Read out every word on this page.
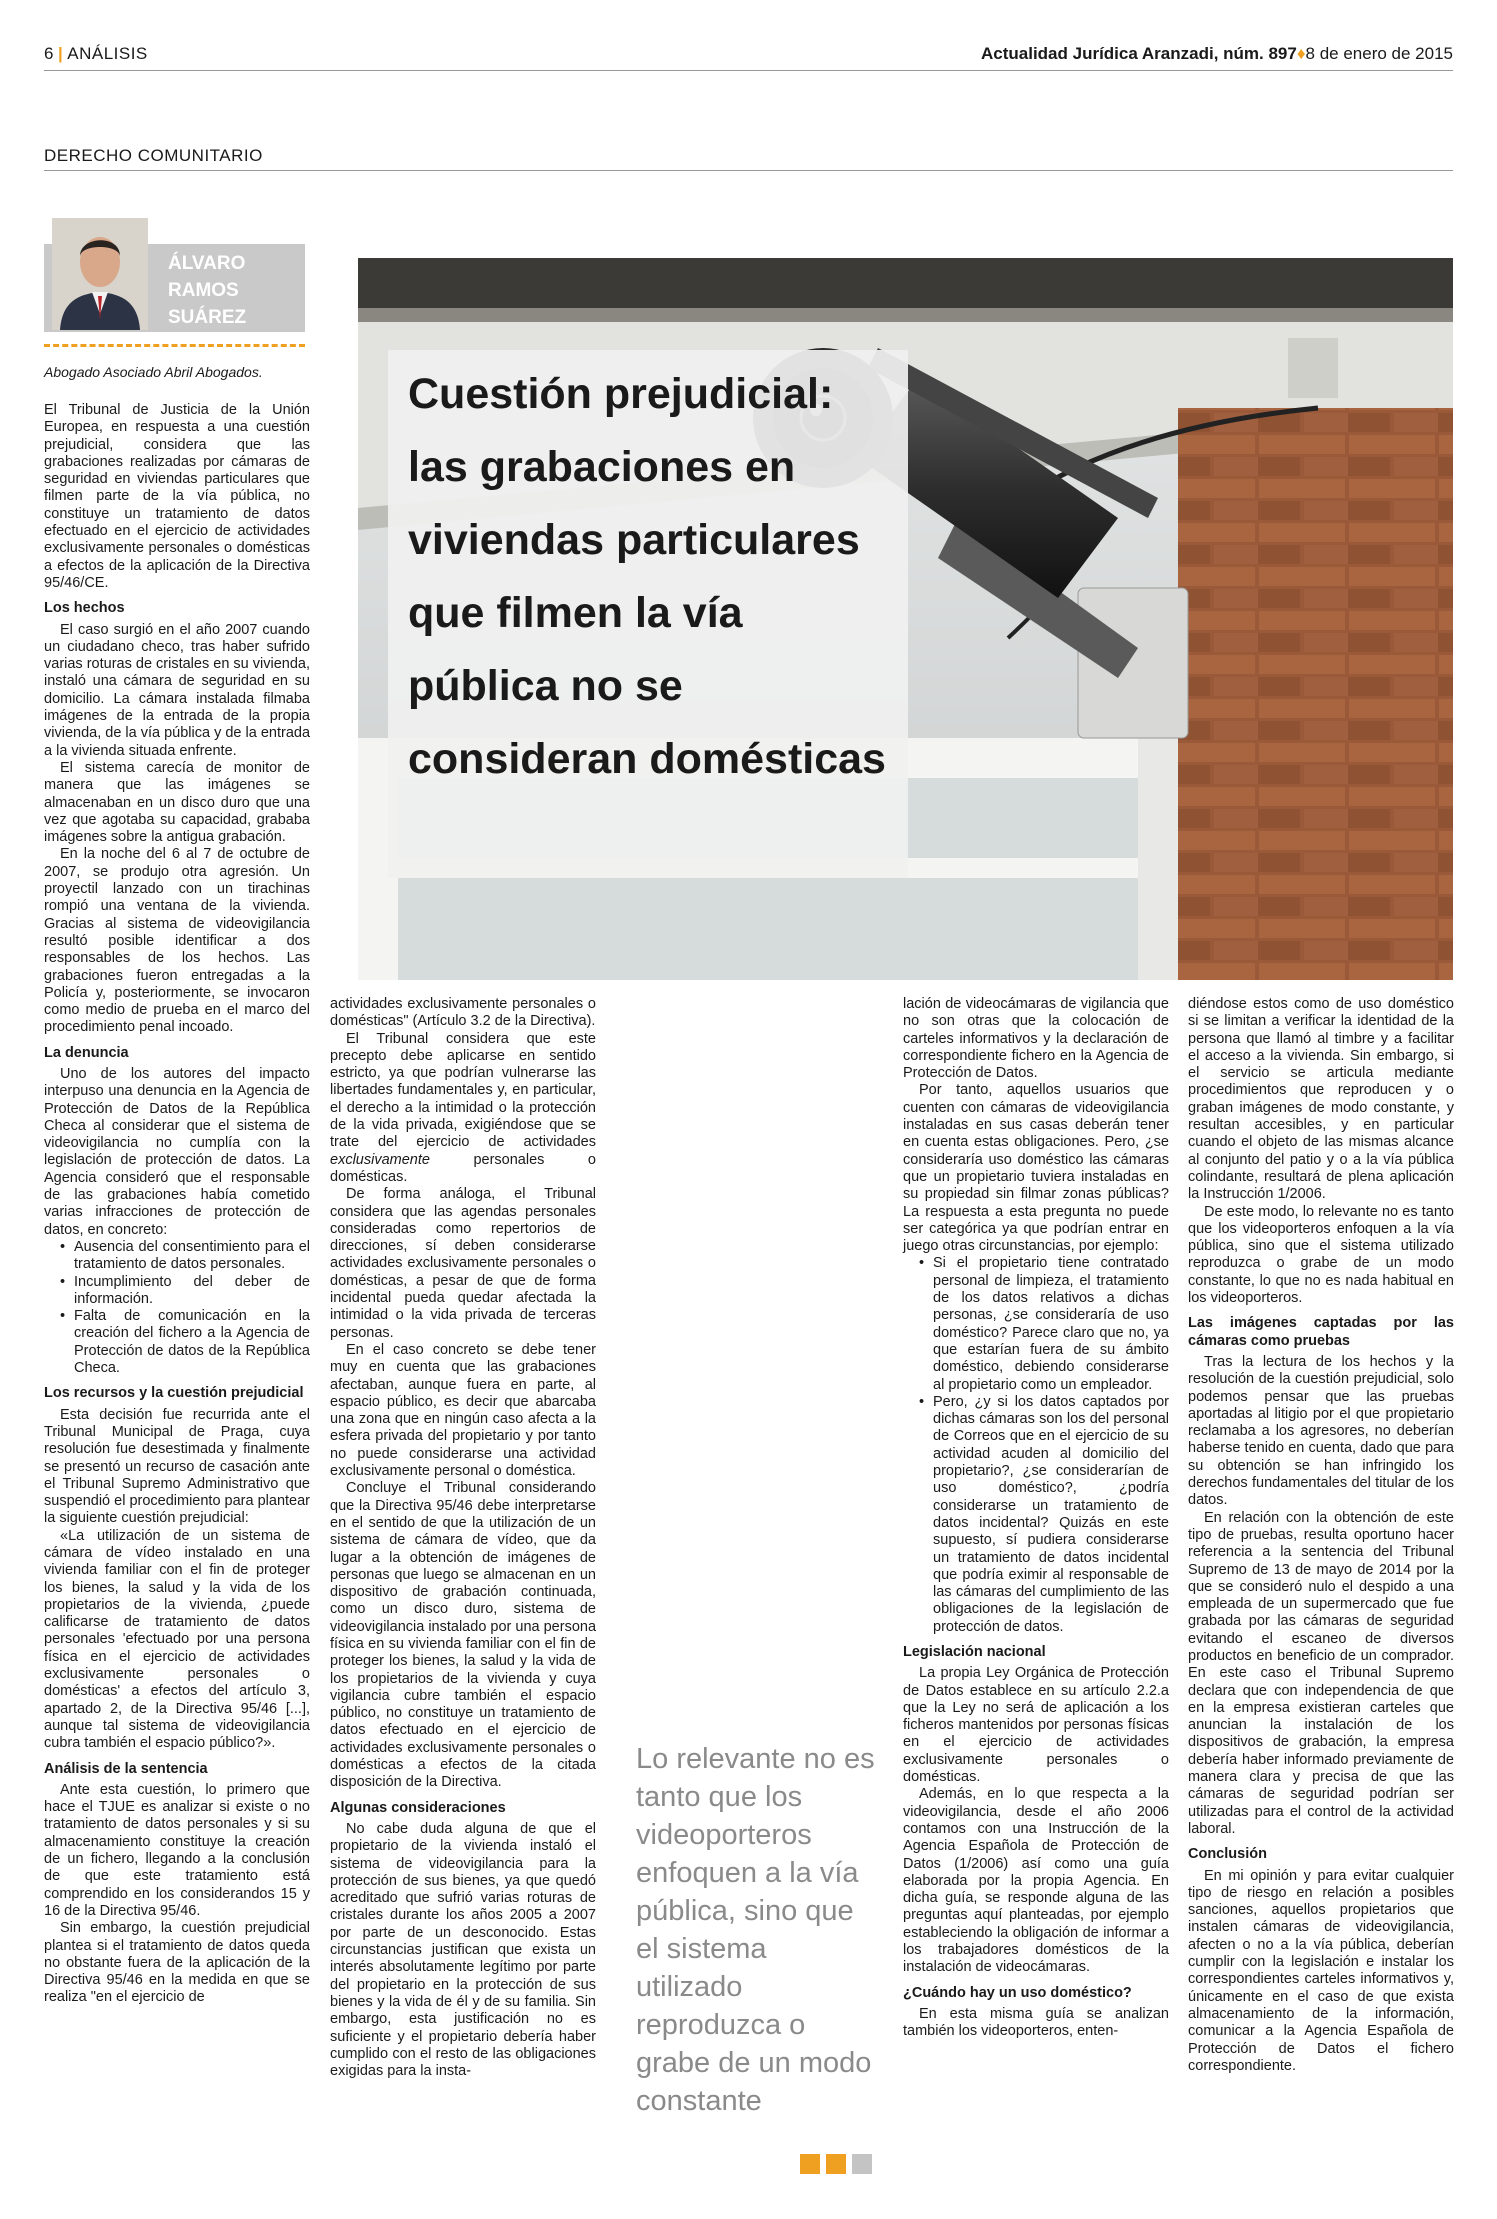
6 | ANÁLISIS	Actualidad Jurídica Aranzadi, núm. 897♦8 de enero de 2015
DERECHO COMUNITARIO
ÁLVARO
RAMOS
SUÁREZ
Abogado Asociado Abril Abogados.	Cuestión prejudicial: las grabaciones en viviendas particulares que filmen la vía pública no se consideran domésticas

El Tribunal de Justicia de la Unión Europea, en respuesta a una cuestión prejudicial, considera que las grabaciones realizadas por cámaras de seguridad en viviendas particulares que filmen parte de la vía pública, no constituye un tratamiento de datos efectuado en el ejercicio de actividades exclusivamente personales o domésticas a efectos de la aplicación de la Directiva 95/46/CE.

Los hechos

El caso surgió en el año 2007 cuando un ciudadano checo, tras haber sufrido varias roturas de cristales en su vivienda, instaló una cámara de seguridad en su domicilio. La cámara instalada filmaba imágenes de la entrada de la propia vivienda, de la vía pública y de la entrada a la vivienda situada enfrente.

El sistema carecía de monitor de manera que las imágenes se almacenaban en un disco duro que una vez que agotaba su capacidad, grababa imágenes sobre la antigua grabación.

En la noche del 6 al 7 de octubre de 2007, se produjo otra agresión. Un proyectil lanzado con un tirachinas rompió una ventana de la vivienda. Gracias al sistema de videovigilancia resultó posible identificar a dos responsables de los hechos. Las grabaciones fueron entregadas a la Policía y, posteriormente, se invocaron como medio de prueba en el marco del procedimiento penal incoado.

La denuncia

Uno de los autores del impacto interpuso una denuncia en la Agencia de Protección de Datos de la República Checa al considerar que el sistema de videovigilancia no cumplía con la legislación de protección de datos. La Agencia consideró que el responsable de las grabaciones había cometido varias infracciones de protección de datos, en concreto:

• Ausencia del consentimiento para el tratamiento de datos personales.
• Incumplimiento del deber de información.
• Falta de comunicación en la creación del fichero a la Agencia de Protección de datos de la República Checa.
Los recursos y la cuestión prejudicial

Esta decisión fue recurrida ante el Tribunal Municipal de Praga, cuya resolución fue desestimada y finalmente se presentó un recurso de casación ante el Tribunal Supremo Administrativo que suspendió el procedimiento para plantear la siguiente cuestión prejudicial:

«La utilización de un sistema de cámara de vídeo instalado en una vivienda familiar con el fin de proteger los bienes, la salud y la vida de los propietarios de la vivienda, ¿puede calificarse de tratamiento de datos personales 'efectuado por una persona física en el ejercicio de actividades exclusivamente personales o domésticas' a efectos del artículo 3, apartado 2, de la Directiva 95/46 [...], aunque tal sistema de videovigilancia cubra también el espacio público?».

Análisis de la sentencia

Ante esta cuestión, lo primero que hace el TJUE es analizar si existe o no tratamiento de datos personales y si su almacenamiento constituye la creación de un fichero, llegando a la conclusión de que este tratamiento está comprendido en los considerandos 15 y 16 de la Directiva 95/46.

Sin embargo, la cuestión prejudicial plantea si el tratamiento de datos queda no obstante fuera de la aplicación de la Directiva 95/46 en la medida en que se realiza "en el ejercicio de

actividades exclusivamente personales o domésticas" (Artículo 3.2 de la Directiva).

El Tribunal considera que este precepto debe aplicarse en sentido estricto, ya que podrían vulnerarse las libertades fundamentales y, en particular, el derecho a la intimidad o la protección de la vida privada, exigiéndose que se trate del ejercicio de actividades exclusivamente personales o domésticas.

De forma análoga, el Tribunal considera que las agendas personales consideradas como repertorios de direcciones, sí deben considerarse actividades exclusivamente personales o domésticas, a pesar de que de forma incidental pueda quedar afectada la intimidad o la vida privada de terceras personas.

En el caso concreto se debe tener muy en cuenta que las grabaciones afectaban, aunque fuera en parte, al espacio público, es decir que abarcaba una zona que en ningún caso afecta a la esfera privada del propietario y por tanto no puede considerarse una actividad exclusivamente personal o doméstica.

Concluye el Tribunal considerando que la Directiva 95/46 debe interpretarse en el sentido de que la utilización de un sistema de cámara de vídeo, que da lugar a la obtención de imágenes de personas que luego se almacenan en un dispositivo de grabación continuada, como un disco duro, sistema de videovigilancia instalado por una persona física en su vivienda familiar con el fin de proteger los bienes, la salud y la vida de los propietarios de la vivienda y cuya vigilancia cubre también el espacio público, no constituye un tratamiento de datos efectuado en el ejercicio de actividades exclusivamente personales o domésticas a efectos de la citada disposición de la Directiva.

Algunas consideraciones

No cabe duda alguna de que el propietario de la vivienda instaló el sistema de videovigilancia para la protección de sus bienes, ya que quedó acreditado que sufrió varias roturas de cristales durante los años 2005 a 2007 por parte de un desconocido. Estas circunstancias justifican que exista un interés absolutamente legítimo por parte del propietario en la protección de sus bienes y la vida de él y de su familia. Sin embargo, esta justificación no es suficiente y el propietario debería haber cumplido con el resto de las obligaciones exigidas para la insta-

Lo relevante no es tanto que los videoporteros enfoquen a la vía pública, sino que el sistema utilizado reproduzca o grabe de un modo constante

lación de videocámaras de vigilancia que no son otras que la colocación de carteles informativos y la declaración de correspondiente fichero en la Agencia de Protección de Datos.

Por tanto, aquellos usuarios que cuenten con cámaras de videovigilancia instaladas en sus casas deberán tener en cuenta estas obligaciones. Pero, ¿se consideraría uso doméstico las cámaras que un propietario tuviera instaladas en su propiedad sin filmar zonas públicas? La respuesta a esta pregunta no puede ser categórica ya que podrían entrar en juego otras circunstancias, por ejemplo:

• Si el propietario tiene contratado personal de limpieza, el tratamiento de los datos relativos a dichas personas, ¿se consideraría de uso doméstico? Parece claro que no, ya que estarían fuera de su ámbito doméstico, debiendo considerarse al propietario como un empleador.
• Pero, ¿y si los datos captados por dichas cámaras son los del personal de Correos que en el ejercicio de su actividad acuden al domicilio del propietario?, ¿se considerarían de uso doméstico?, ¿podría considerarse un tratamiento de datos incidental? Quizás en este supuesto, sí pudiera considerarse un tratamiento de datos incidental que podría eximir al responsable de las cámaras del cumplimiento de las obligaciones de la legislación de protección de datos.
Legislación nacional

La propia Ley Orgánica de Protección de Datos establece en su artículo 2.2.a que la Ley no será de aplicación a los ficheros mantenidos por personas físicas en el ejercicio de actividades exclusivamente personales o domésticas.

Además, en lo que respecta a la videovigilancia, desde el año 2006 contamos con una Instrucción de la Agencia Española de Protección de Datos (1/2006) así como una guía elaborada por la propia Agencia. En dicha guía, se responde alguna de las preguntas aquí planteadas, por ejemplo estableciendo la obligación de informar a los trabajadores domésticos de la instalación de videocámaras.

¿Cuándo hay un uso doméstico?

En esta misma guía se analizan también los videoporteros, enten-

diéndose estos como de uso doméstico si se limitan a verificar la identidad de la persona que llamó al timbre y a facilitar el acceso a la vivienda. Sin embargo, si el servicio se articula mediante procedimientos que reproducen y o graban imágenes de modo constante, y resultan accesibles, y en particular cuando el objeto de las mismas alcance al conjunto del patio y o a la vía pública colindante, resultará de plena aplicación la Instrucción 1/2006.

De este modo, lo relevante no es tanto que los videoporteros enfoquen a la vía pública, sino que el sistema utilizado reproduzca o grabe de un modo constante, lo que no es nada habitual en los videoporteros.

Las imágenes captadas por las cámaras como pruebas

Tras la lectura de los hechos y la resolución de la cuestión prejudicial, solo podemos pensar que las pruebas aportadas al litigio por el que propietario reclamaba a los agresores, no deberían haberse tenido en cuenta, dado que para su obtención se han infringido los derechos fundamentales del titular de los datos.

En relación con la obtención de este tipo de pruebas, resulta oportuno hacer referencia a la sentencia del Tribunal Supremo de 13 de mayo de 2014 por la que se consideró nulo el despido a una empleada de un supermercado que fue grabada por las cámaras de seguridad evitando el escaneo de diversos productos en beneficio de un comprador. En este caso el Tribunal Supremo declara que con independencia de que en la empresa existieran carteles que anuncian la instalación de los dispositivos de grabación, la empresa debería haber informado previamente de manera clara y precisa de que las cámaras de seguridad podrían ser utilizadas para el control de la actividad laboral.

Conclusión

En mi opinión y para evitar cualquier tipo de riesgo en relación a posibles sanciones, aquellos propietarios que instalen cámaras de videovigilancia, afecten o no a la vía pública, deberían cumplir con la legislación e instalar los correspondientes carteles informativos y, únicamente en el caso de que exista almacenamiento de la información, comunicar a la Agencia Española de Protección de Datos el fichero correspondiente.
